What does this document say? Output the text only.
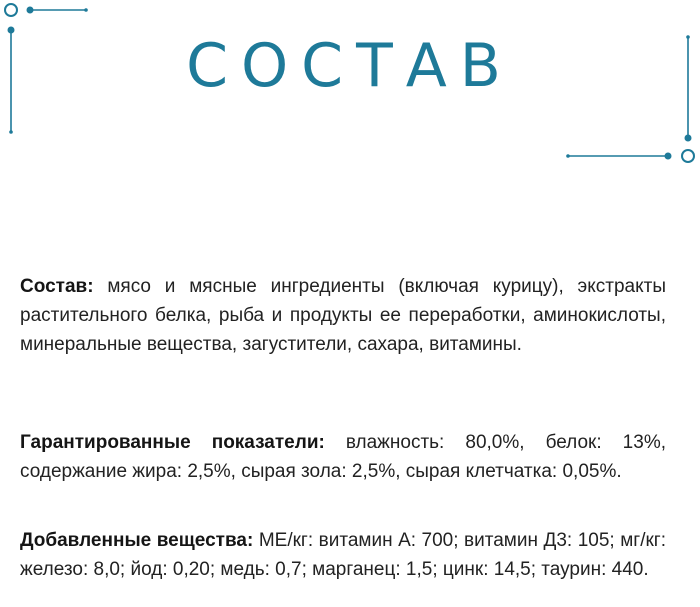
СОСТАВ

Состав: мясо и мясные ингредиенты (включая курицу), экстракты растительного белка, рыба и продукты ее переработки, аминокислоты, минеральные вещества, загустители, сахара, витамины.

Гарантированные показатели: влажность: 80,0%, белок: 13%, содержание жира: 2,5%, сырая зола: 2,5%, сырая клетчатка: 0,05%.

Добавленные вещества: ME/кг: витамин A: 700; витамин Д3: 105; мг/кг: железо: 8,0; йод: 0,20; медь: 0,7; марганец: 1,5; цинк: 14,5; таурин: 440.
